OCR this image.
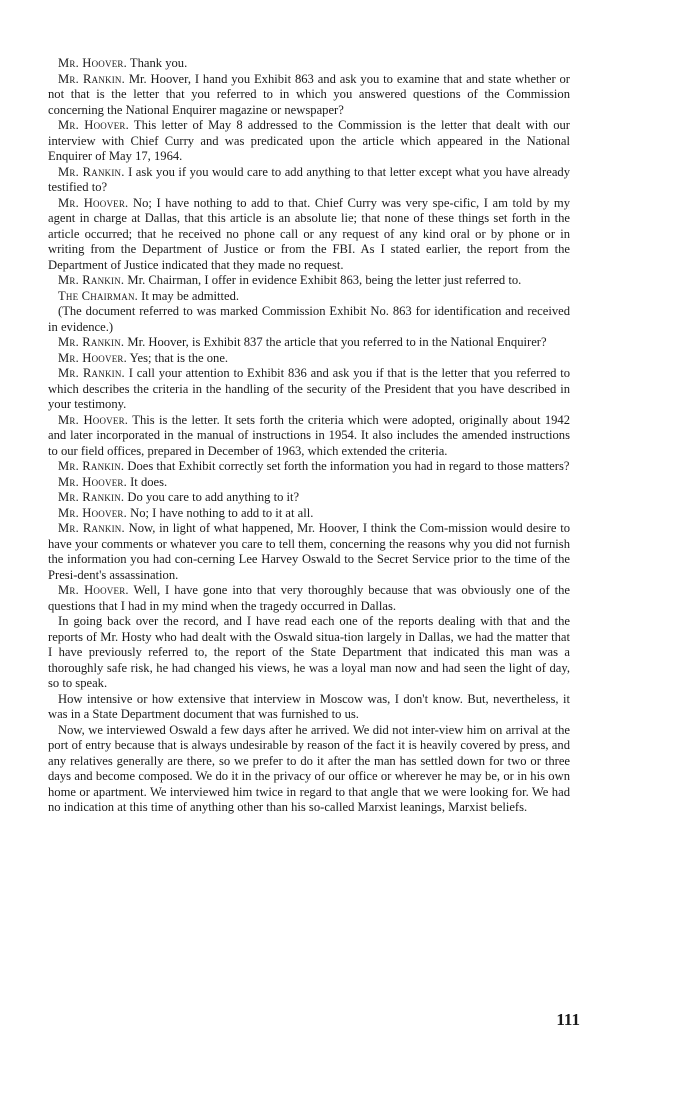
Mr. Hoover. Thank you.

Mr. Rankin. Mr. Hoover, I hand you Exhibit 863 and ask you to examine that and state whether or not that is the letter that you referred to in which you answered questions of the Commission concerning the National Enquirer magazine or newspaper?

Mr. Hoover. This letter of May 8 addressed to the Commission is the letter that dealt with our interview with Chief Curry and was predicated upon the article which appeared in the National Enquirer of May 17, 1964.

Mr. Rankin. I ask you if you would care to add anything to that letter except what you have already testified to?

Mr. Hoover. No; I have nothing to add to that. Chief Curry was very spe-cific, I am told by my agent in charge at Dallas, that this article is an absolute lie; that none of these things set forth in the article occurred; that he received no phone call or any request of any kind oral or by phone or in writing from the Department of Justice or from the FBI. As I stated earlier, the report from the Department of Justice indicated that they made no request.

Mr. Rankin. Mr. Chairman, I offer in evidence Exhibit 863, being the letter just referred to.

The Chairman. It may be admitted.

(The document referred to was marked Commission Exhibit No. 863 for identification and received in evidence.)

Mr. Rankin. Mr. Hoover, is Exhibit 837 the article that you referred to in the National Enquirer?

Mr. Hoover. Yes; that is the one.

Mr. Rankin. I call your attention to Exhibit 836 and ask you if that is the letter that you referred to which describes the criteria in the handling of the security of the President that you have described in your testimony.

Mr. Hoover. This is the letter. It sets forth the criteria which were adopted, originally about 1942 and later incorporated in the manual of instructions in 1954. It also includes the amended instructions to our field offices, prepared in December of 1963, which extended the criteria.

Mr. Rankin. Does that Exhibit correctly set forth the information you had in regard to those matters?

Mr. Hoover. It does.

Mr. Rankin. Do you care to add anything to it?

Mr. Hoover. No; I have nothing to add to it at all.

Mr. Rankin. Now, in light of what happened, Mr. Hoover, I think the Com-mission would desire to have your comments or whatever you care to tell them, concerning the reasons why you did not furnish the information you had con-cerning Lee Harvey Oswald to the Secret Service prior to the time of the Presi-dent's assassination.

Mr. Hoover. Well, I have gone into that very thoroughly because that was obviously one of the questions that I had in my mind when the tragedy occurred in Dallas.

In going back over the record, and I have read each one of the reports dealing with that and the reports of Mr. Hosty who had dealt with the Oswald situa-tion largely in Dallas, we had the matter that I have previously referred to, the report of the State Department that indicated this man was a thoroughly safe risk, he had changed his views, he was a loyal man now and had seen the light of day, so to speak.

How intensive or how extensive that interview in Moscow was, I don't know. But, nevertheless, it was in a State Department document that was furnished to us.

Now, we interviewed Oswald a few days after he arrived. We did not inter-view him on arrival at the port of entry because that is always undesirable by reason of the fact it is heavily covered by press, and any relatives generally are there, so we prefer to do it after the man has settled down for two or three days and become composed. We do it in the privacy of our office or wherever he may be, or in his own home or apartment. We interviewed him twice in regard to that angle that we were looking for. We had no indication at this time of anything other than his so-called Marxist leanings, Marxist beliefs.

111
